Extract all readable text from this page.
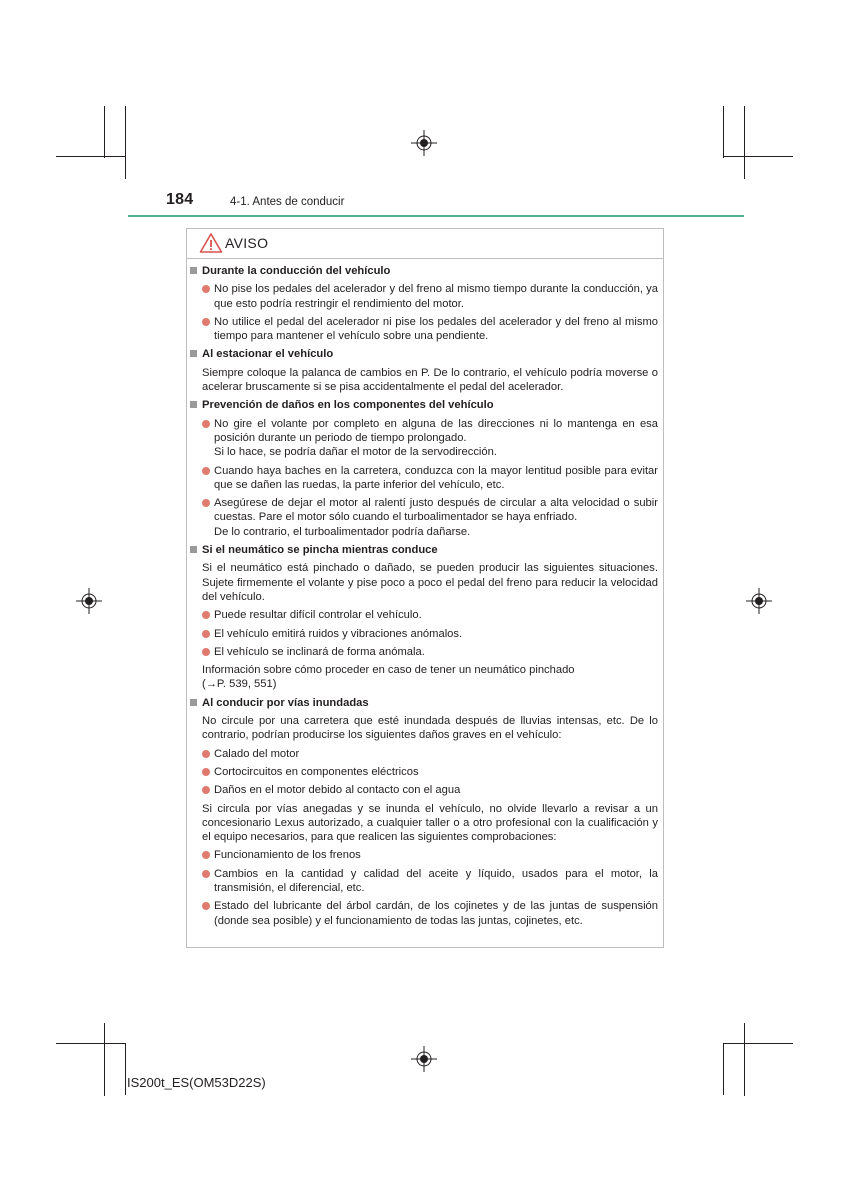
184	4-1. Antes de conducir
AVISO
Durante la conducción del vehículo
No pise los pedales del acelerador y del freno al mismo tiempo durante la conducción, ya que esto podría restringir el rendimiento del motor.
No utilice el pedal del acelerador ni pise los pedales del acelerador y del freno al mismo tiempo para mantener el vehículo sobre una pendiente.
Al estacionar el vehículo
Siempre coloque la palanca de cambios en P. De lo contrario, el vehículo podría moverse o acelerar bruscamente si se pisa accidentalmente el pedal del acelerador.
Prevención de daños en los componentes del vehículo
No gire el volante por completo en alguna de las direcciones ni lo mantenga en esa posición durante un periodo de tiempo prolongado.
Si lo hace, se podría dañar el motor de la servodirección.
Cuando haya baches en la carretera, conduzca con la mayor lentitud posible para evitar que se dañen las ruedas, la parte inferior del vehículo, etc.
Asegúrese de dejar el motor al ralentí justo después de circular a alta velocidad o subir cuestas. Pare el motor sólo cuando el turboalimentador se haya enfriado.
De lo contrario, el turboalimentador podría dañarse.
Si el neumático se pincha mientras conduce
Si el neumático está pinchado o dañado, se pueden producir las siguientes situaciones. Sujete firmemente el volante y pise poco a poco el pedal del freno para reducir la velocidad del vehículo.
Puede resultar difícil controlar el vehículo.
El vehículo emitirá ruidos y vibraciones anómalos.
El vehículo se inclinará de forma anómala.
Información sobre cómo proceder en caso de tener un neumático pinchado
(→P. 539, 551)
Al conducir por vías inundadas
No circule por una carretera que esté inundada después de lluvias intensas, etc. De lo contrario, podrían producirse los siguientes daños graves en el vehículo:
Calado del motor
Cortocircuitos en componentes eléctricos
Daños en el motor debido al contacto con el agua
Si circula por vías anegadas y se inunda el vehículo, no olvide llevarlo a revisar a un concesionario Lexus autorizado, a cualquier taller o a otro profesional con la cualificación y el equipo necesarios, para que realicen las siguientes comprobaciones:
Funcionamiento de los frenos
Cambios en la cantidad y calidad del aceite y líquido, usados para el motor, la transmisión, el diferencial, etc.
Estado del lubricante del árbol cardán, de los cojinetes y de las juntas de suspensión (donde sea posible) y el funcionamiento de todas las juntas, cojinetes, etc.
IS200t_ES(OM53D22S)
